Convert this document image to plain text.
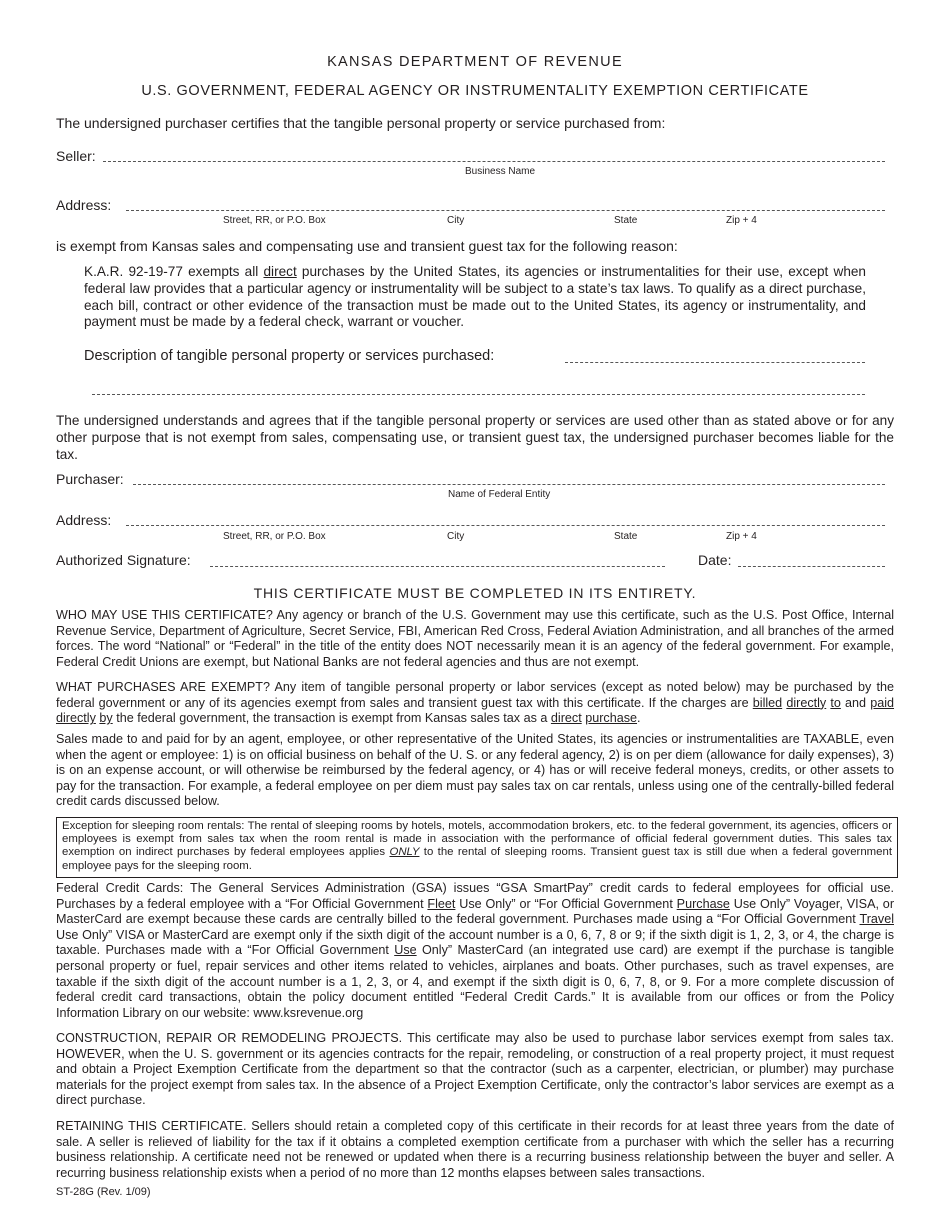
KANSAS DEPARTMENT OF REVENUE
U.S. GOVERNMENT, FEDERAL AGENCY OR INSTRUMENTALITY EXEMPTION CERTIFICATE
The undersigned purchaser certifies that the tangible personal property or service purchased from:
Seller:
Business Name
Address:
Street, RR, or P.O. Box	City	State	Zip + 4
is exempt from Kansas sales and compensating use and transient guest tax for the following reason:
K.A.R. 92-19-77 exempts all direct purchases by the United States, its agencies or instrumentalities for their use, except when federal law provides that a particular agency or instrumentality will be subject to a state’s tax laws. To qualify as a direct purchase, each bill, contract or other evidence of the transaction must be made out to the United States, its agency or instrumentality, and payment must be made by a federal check, warrant or voucher.
Description of tangible personal property or services purchased:
The undersigned understands and agrees that if the tangible personal property or services are used other than as stated above or for any other purpose that is not exempt from sales, compensating use, or transient guest tax, the undersigned purchaser becomes liable for the tax.
Purchaser:
Name of Federal Entity
Address:
Street, RR, or P.O. Box	City	State	Zip + 4
Authorized Signature:	Date:
THIS CERTIFICATE MUST BE COMPLETED IN ITS ENTIRETY.
WHO MAY USE THIS CERTIFICATE? Any agency or branch of the U.S. Government may use this certificate, such as the U.S. Post Office, Internal Revenue Service, Department of Agriculture, Secret Service, FBI, American Red Cross, Federal Aviation Administration, and all branches of the armed forces. The word “National” or “Federal” in the title of the entity does NOT necessarily mean it is an agency of the federal government. For example, Federal Credit Unions are exempt, but National Banks are not federal agencies and thus are not exempt.
WHAT PURCHASES ARE EXEMPT? Any item of tangible personal property or labor services (except as noted below) may be purchased by the federal government or any of its agencies exempt from sales and transient guest tax with this certificate. If the charges are billed directly to and paid directly by the federal government, the transaction is exempt from Kansas sales tax as a direct purchase.
Sales made to and paid for by an agent, employee, or other representative of the United States, its agencies or instrumentalities are TAXABLE, even when the agent or employee: 1) is on official business on behalf of the U. S. or any federal agency, 2) is on per diem (allowance for daily expenses), 3) is on an expense account, or will otherwise be reimbursed by the federal agency, or 4) has or will receive federal moneys, credits, or other assets to pay for the transaction. For example, a federal employee on per diem must pay sales tax on car rentals, unless using one of the centrally-billed federal credit cards discussed below.
Exception for sleeping room rentals: The rental of sleeping rooms by hotels, motels, accommodation brokers, etc. to the federal government, its agencies, officers or employees is exempt from sales tax when the room rental is made in association with the performance of official federal government duties. This sales tax exemption on indirect purchases by federal employees applies ONLY to the rental of sleeping rooms. Transient guest tax is still due when a federal government employee pays for the sleeping room.
Federal Credit Cards: The General Services Administration (GSA) issues “GSA SmartPay” credit cards to federal employees for official use. Purchases by a federal employee with a “For Official Government Fleet Use Only” or “For Official Government Purchase Use Only” Voyager, VISA, or MasterCard are exempt because these cards are centrally billed to the federal government. Purchases made using a “For Official Government Travel Use Only” VISA or MasterCard are exempt only if the sixth digit of the account number is a 0, 6, 7, 8 or 9; if the sixth digit is 1, 2, 3, or 4, the charge is taxable. Purchases made with a “For Official Government Use Only” MasterCard (an integrated use card) are exempt if the purchase is tangible personal property or fuel, repair services and other items related to vehicles, airplanes and boats. Other purchases, such as travel expenses, are taxable if the sixth digit of the account number is a 1, 2, 3, or 4, and exempt if the sixth digit is 0, 6, 7, 8, or 9. For a more complete discussion of federal credit card transactions, obtain the policy document entitled “Federal Credit Cards.” It is available from our offices or from the Policy Information Library on our website: www.ksrevenue.org
CONSTRUCTION, REPAIR OR REMODELING PROJECTS. This certificate may also be used to purchase labor services exempt from sales tax. HOWEVER, when the U. S. government or its agencies contracts for the repair, remodeling, or construction of a real property project, it must request and obtain a Project Exemption Certificate from the department so that the contractor (such as a carpenter, electrician, or plumber) may purchase materials for the project exempt from sales tax. In the absence of a Project Exemption Certificate, only the contractor’s labor services are exempt as a direct purchase.
RETAINING THIS CERTIFICATE. Sellers should retain a completed copy of this certificate in their records for at least three years from the date of sale. A seller is relieved of liability for the tax if it obtains a completed exemption certificate from a purchaser with which the seller has a recurring business relationship. A certificate need not be renewed or updated when there is a recurring business relationship between the buyer and seller. A recurring business relationship exists when a period of no more than 12 months elapses between sales transactions.
ST-28G (Rev. 1/09)
